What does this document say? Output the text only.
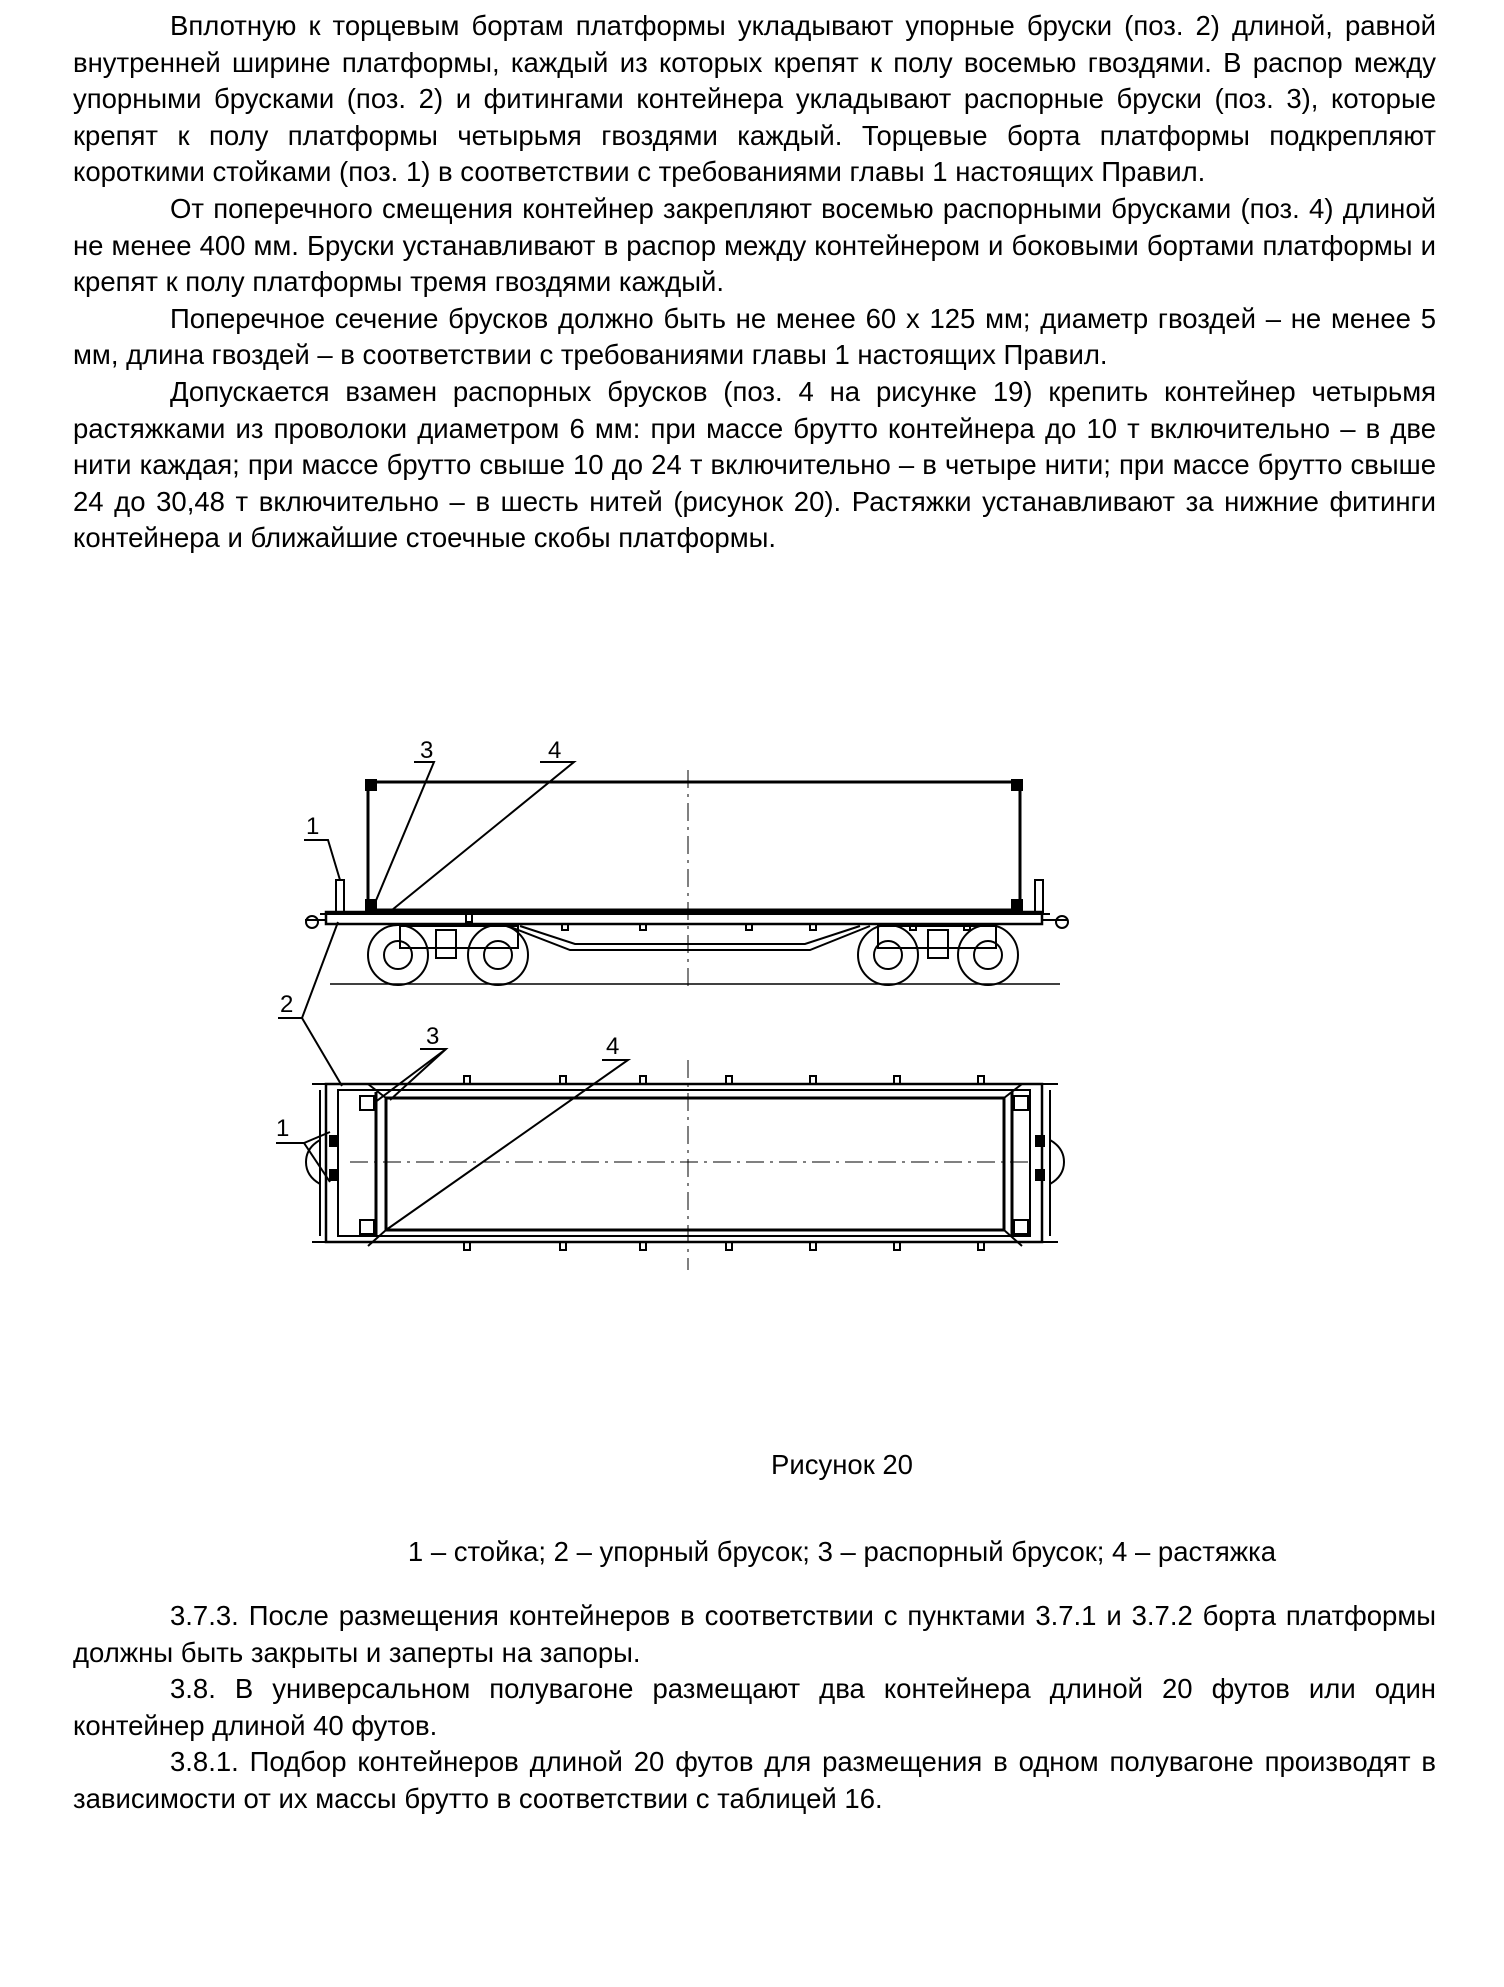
Вплотную к торцевым бортам платформы укладывают упорные бруски (поз. 2) длиной, равной внутренней ширине платформы, каждый из которых крепят к полу восемью гвоздями. В распор между упорными брусками (поз. 2) и фитингами контейнера укладывают распорные бруски (поз. 3), которые крепят к полу платформы четырьмя гвоздями каждый. Торцевые борта платформы подкрепляют короткими стойками (поз. 1) в соответствии с требованиями главы 1 настоящих Правил.

От поперечного смещения контейнер закрепляют восемью распорными брусками (поз. 4) длиной не менее 400 мм. Бруски устанавливают в распор между контейнером и боковыми бортами платформы и крепят к полу платформы тремя гвоздями каждый.

Поперечное сечение брусков должно быть не менее 60 х 125 мм; диаметр гвоздей – не менее 5 мм, длина гвоздей – в соответствии с требованиями главы 1 настоящих Правил.

Допускается взамен распорных брусков (поз. 4 на рисунке 19) крепить контейнер четырьмя растяжками из проволоки диаметром 6 мм: при массе брутто контейнера до 10 т включительно – в две нити каждая; при массе брутто свыше 10 до 24 т включительно – в четыре нити; при массе брутто свыше 24 до 30,48 т включительно – в шесть нитей (рисунок 20). Растяжки устанавливают за нижние фитинги контейнера и ближайшие стоечные скобы платформы.

3	4
1
2
3	4
1
Рисунок 20
1 – стойка; 2 – упорный брусок; 3 – распорный брусок; 4 – растяжка

3.7.3. После размещения контейнеров в соответствии с пунктами 3.7.1 и 3.7.2 борта платформы должны быть закрыты и заперты на запоры.

3.8. В универсальном полувагоне размещают два контейнера длиной 20 футов или один контейнер длиной 40 футов.

3.8.1. Подбор контейнеров длиной 20 футов для размещения в одном полувагоне производят в зависимости от их массы брутто в соответствии с таблицей 16.
